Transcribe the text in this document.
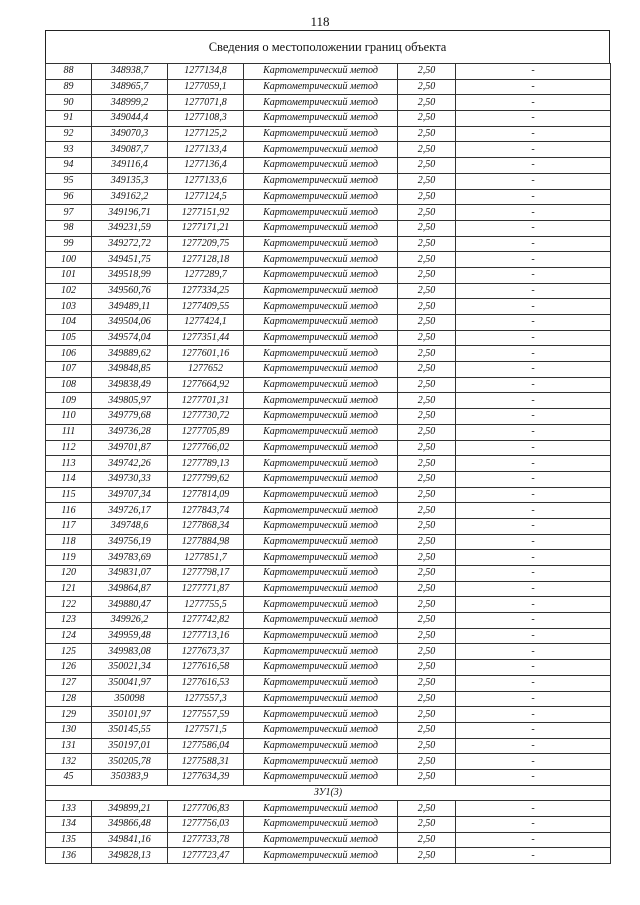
118
Сведения о местоположении границ объекта
88	348938,7	1277134,8	Картометрический метод	2,50	-
89	348965,7	1277059,1	Картометрический метод	2,50	-
90	348999,2	1277071,8	Картометрический метод	2,50	-
91	349044,4	1277108,3	Картометрический метод	2,50	-
92	349070,3	1277125,2	Картометрический метод	2,50	-
93	349087,7	1277133,4	Картометрический метод	2,50	-
94	349116,4	1277136,4	Картометрический метод	2,50	-
95	349135,3	1277133,6	Картометрический метод	2,50	-
96	349162,2	1277124,5	Картометрический метод	2,50	-
97	349196,71	1277151,92	Картометрический метод	2,50	-
98	349231,59	1277171,21	Картометрический метод	2,50	-
99	349272,72	1277209,75	Картометрический метод	2,50	-
100	349451,75	1277128,18	Картометрический метод	2,50	-
101	349518,99	1277289,7	Картометрический метод	2,50	-
102	349560,76	1277334,25	Картометрический метод	2,50	-
103	349489,11	1277409,55	Картометрический метод	2,50	-
104	349504,06	1277424,1	Картометрический метод	2,50	-
105	349574,04	1277351,44	Картометрический метод	2,50	-
106	349889,62	1277601,16	Картометрический метод	2,50	-
107	349848,85	1277652	Картометрический метод	2,50	-
108	349838,49	1277664,92	Картометрический метод	2,50	-
109	349805,97	1277701,31	Картометрический метод	2,50	-
110	349779,68	1277730,72	Картометрический метод	2,50	-
111	349736,28	1277705,89	Картометрический метод	2,50	-
112	349701,87	1277766,02	Картометрический метод	2,50	-
113	349742,26	1277789,13	Картометрический метод	2,50	-
114	349730,33	1277799,62	Картометрический метод	2,50	-
115	349707,34	1277814,09	Картометрический метод	2,50	-
116	349726,17	1277843,74	Картометрический метод	2,50	-
117	349748,6	1277868,34	Картометрический метод	2,50	-
118	349756,19	1277884,98	Картометрический метод	2,50	-
119	349783,69	1277851,7	Картометрический метод	2,50	-
120	349831,07	1277798,17	Картометрический метод	2,50	-
121	349864,87	1277771,87	Картометрический метод	2,50	-
122	349880,47	1277755,5	Картометрический метод	2,50	-
123	349926,2	1277742,82	Картометрический метод	2,50	-
124	349959,48	1277713,16	Картометрический метод	2,50	-
125	349983,08	1277673,37	Картометрический метод	2,50	-
126	350021,34	1277616,58	Картометрический метод	2,50	-
127	350041,97	1277616,53	Картометрический метод	2,50	-
128	350098	1277557,3	Картометрический метод	2,50	-
129	350101,97	1277557,59	Картометрический метод	2,50	-
130	350145,55	1277571,5	Картометрический метод	2,50	-
131	350197,01	1277586,04	Картометрический метод	2,50	-
132	350205,78	1277588,31	Картометрический метод	2,50	-
45	350383,9	1277634,39	Картометрический метод	2,50	-
ЗУ1(3)					
133	349899,21	1277706,83	Картометрический метод	2,50	-
134	349866,48	1277756,03	Картометрический метод	2,50	-
135	349841,16	1277733,78	Картометрический метод	2,50	-
136	349828,13	1277723,47	Картометрический метод	2,50	-
